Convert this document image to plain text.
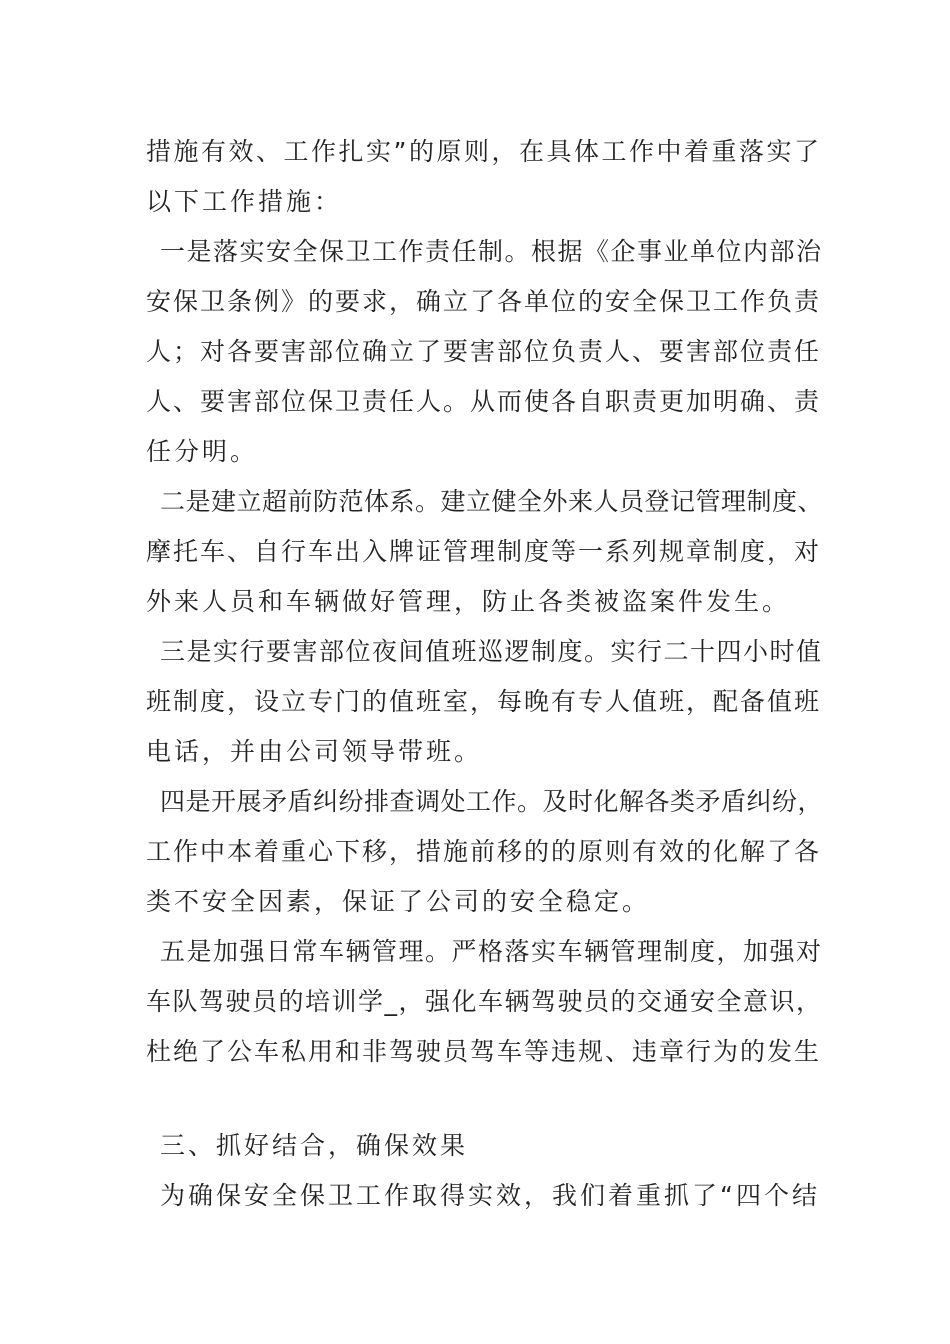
措施有效、工作扎实”的原则，在具体工作中着重落实了
以下工作措施：
一是落实安全保卫工作责任制。根据《企事业单位内部治
安保卫条例》的要求，确立了各单位的安全保卫工作负责
人；对各要害部位确立了要害部位负责人、要害部位责任
人、要害部位保卫责任人。从而使各自职责更加明确、责
任分明。
二是建立超前防范体系。建立健全外来人员登记管理制度、
摩托车、自行车出入牌证管理制度等一系列规章制度，对
外来人员和车辆做好管理，防止各类被盗案件发生。
三是实行要害部位夜间值班巡逻制度。实行二十四小时值
班制度，设立专门的值班室，每晚有专人值班，配备值班
电话，并由公司领导带班。
四是开展矛盾纠纷排查调处工作。及时化解各类矛盾纠纷，
工作中本着重心下移，措施前移的的原则有效的化解了各
类不安全因素，保证了公司的安全稳定。
五是加强日常车辆管理。严格落实车辆管理制度，加强对
车队驾驶员的培训学_，强化车辆驾驶员的交通安全意识，
杜绝了公车私用和非驾驶员驾车等违规、违章行为的发生
三、抓好结合，确保效果
为确保安全保卫工作取得实效，我们着重抓了“四个结
